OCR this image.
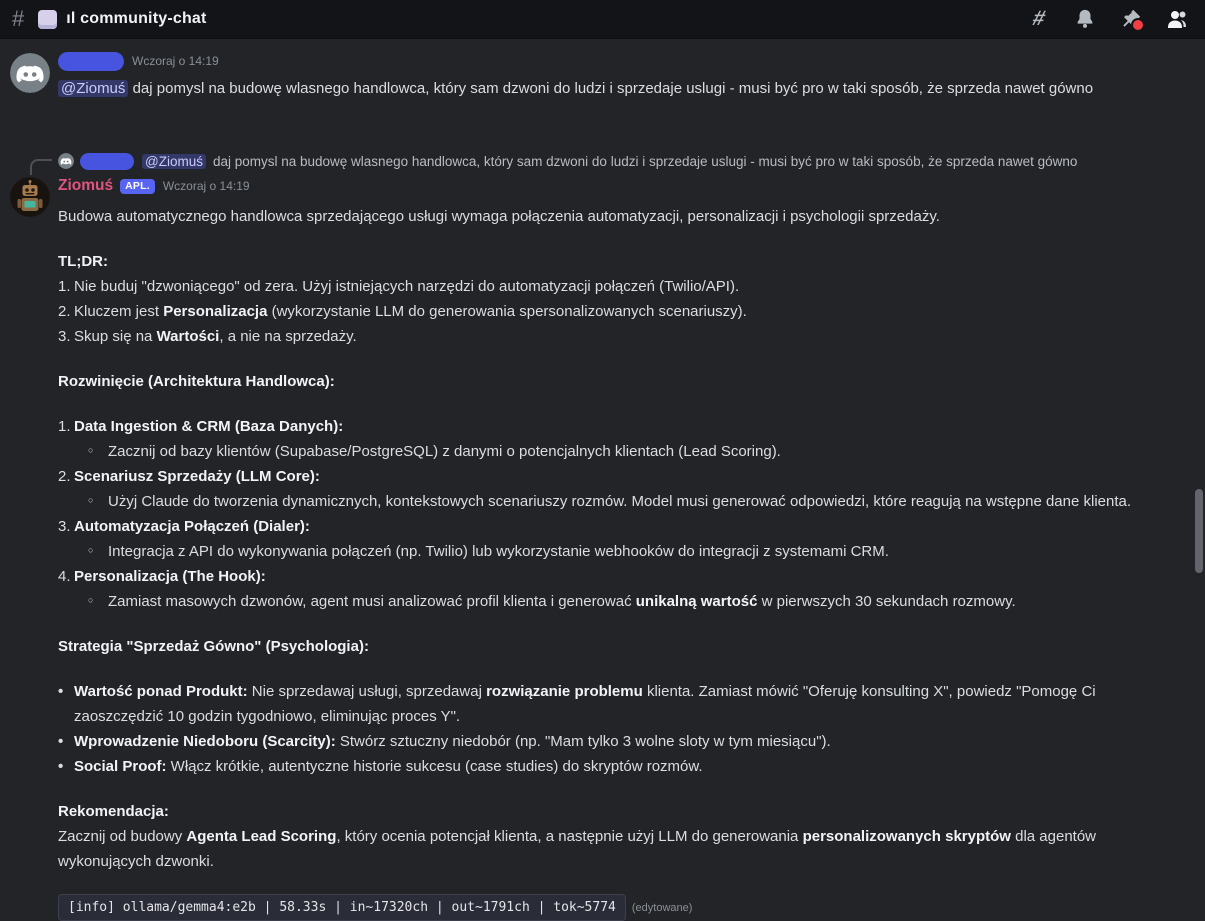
#	ıl community-chat	#
Wczoraj o 14:19
@Ziomuś daj pomysl na budowę wlasnego handlowca, który sam dzwoni do ludzi i sprzedaje uslugi - musi być pro w taki sposób, że sprzeda nawet gówno
@Ziomuś daj pomysl na budowę wlasnego handlowca, który sam dzwoni do ludzi i sprzedaje uslugi - musi być pro w taki sposób, że sprzeda nawet gówno
Ziomuś	APL.	Wczoraj o 14:19
Budowa automatycznego handlowca sprzedającego usługi wymaga połączenia automatyzacji, personalizacji i psychologii sprzedaży.
TL;DR:
1. Nie buduj "dzwoniącego" od zera. Użyj istniejących narzędzi do automatyzacji połączeń (Twilio/API).
2. Kluczem jest Personalizacja (wykorzystanie LLM do generowania spersonalizowanych scenariuszy).
3. Skup się na Wartości, a nie na sprzedaży.
Rozwinięcie (Architektura Handlowca):
1. Data Ingestion & CRM (Baza Danych):
○ Zacznij od bazy klientów (Supabase/PostgreSQL) z danymi o potencjalnych klientach (Lead Scoring).
2. Scenariusz Sprzedaży (LLM Core):
○ Użyj Claude do tworzenia dynamicznych, kontekstowych scenariuszy rozmów. Model musi generować odpowiedzi, które reagują na wstępne dane klienta.
3. Automatyzacja Połączeń (Dialer):
○ Integracja z API do wykonywania połączeń (np. Twilio) lub wykorzystanie webhooków do integracji z systemami CRM.
4. Personalizacja (The Hook):
○ Zamiast masowych dzwonów, agent musi analizować profil klienta i generować unikalną wartość w pierwszych 30 sekundach rozmowy.
Strategia "Sprzedaż Gówno" (Psychologia):
• Wartość ponad Produkt: Nie sprzedawaj usługi, sprzedawaj rozwiązanie problemu klienta. Zamiast mówić "Oferuję konsulting X", powiedz "Pomogę Ci zaoszczędzić 10 godzin tygodniowo, eliminując proces Y".
• Wprowadzenie Niedoboru (Scarcity): Stwórz sztuczny niedobór (np. "Mam tylko 3 wolne sloty w tym miesiącu").
• Social Proof: Włącz krótkie, autentyczne historie sukcesu (case studies) do skryptów rozmów.
Rekomendacja:
Zacznij od budowy Agenta Lead Scoring, który ocenia potencjał klienta, a następnie użyj LLM do generowania personalizowanych skryptów dla agentów wykonujących dzwonki.
[info] ollama/gemma4:e2b | 58.33s | in~17320ch | out~1791ch | tok~5774	(edytowane)
